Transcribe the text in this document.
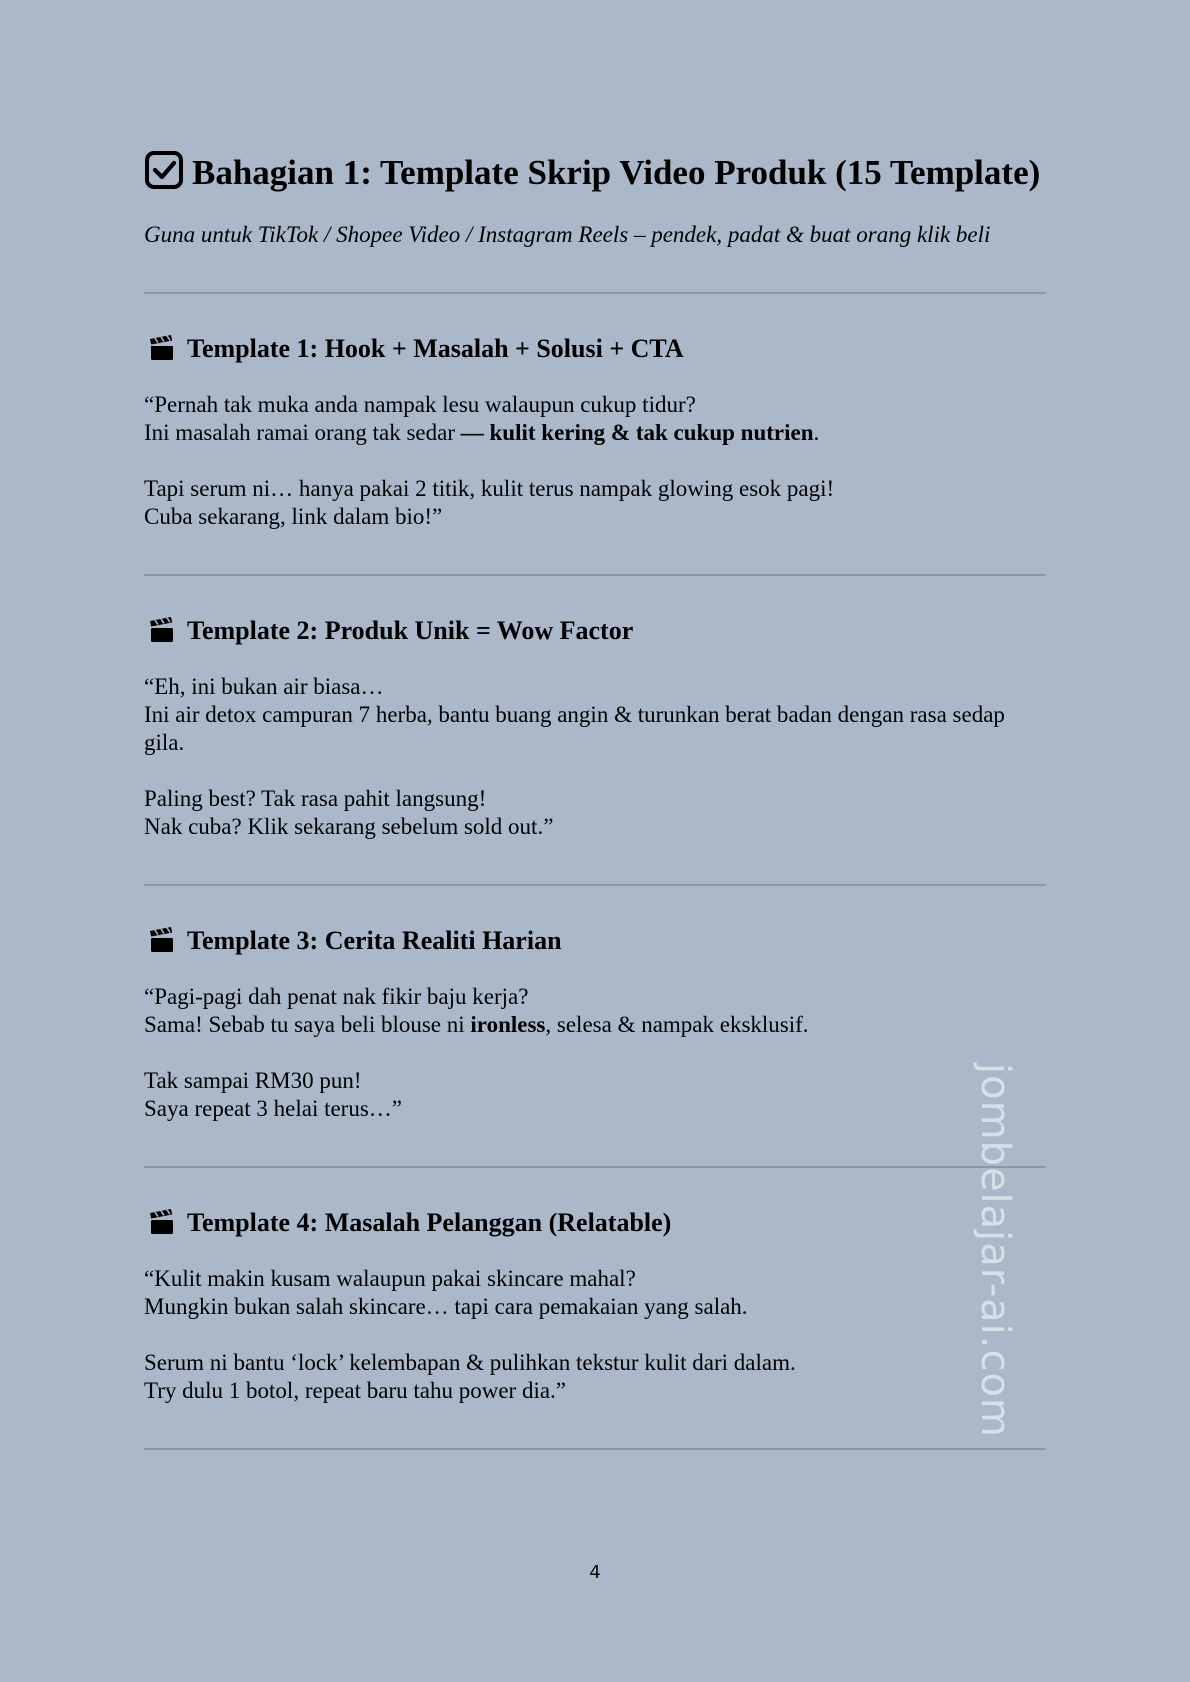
Bahagian 1: Template Skrip Video Produk (15 Template)

Guna untuk TikTok / Shopee Video / Instagram Reels – pendek, padat & buat orang klik beli

Template 1: Hook + Masalah + Solusi + CTA

“Pernah tak muka anda nampak lesu walaupun cukup tidur?
Ini masalah ramai orang tak sedar — kulit kering & tak cukup nutrien.

Tapi serum ni… hanya pakai 2 titik, kulit terus nampak glowing esok pagi!
Cuba sekarang, link dalam bio!”

Template 2: Produk Unik = Wow Factor

“Eh, ini bukan air biasa…
Ini air detox campuran 7 herba, bantu buang angin & turunkan berat badan dengan rasa sedap gila.

Paling best? Tak rasa pahit langsung!
Nak cuba? Klik sekarang sebelum sold out.”

Template 3: Cerita Realiti Harian

“Pagi-pagi dah penat nak fikir baju kerja?
Sama! Sebab tu saya beli blouse ni ironless, selesa & nampak eksklusif.

Tak sampai RM30 pun!
Saya repeat 3 helai terus…”

Template 4: Masalah Pelanggan (Relatable)

“Kulit makin kusam walaupun pakai skincare mahal?
Mungkin bukan salah skincare… tapi cara pemakaian yang salah.

Serum ni bantu ‘lock’ kelembapan & pulihkan tekstur kulit dari dalam.
Try dulu 1 botol, repeat baru tahu power dia.”	jombelajar-ai.com
4
